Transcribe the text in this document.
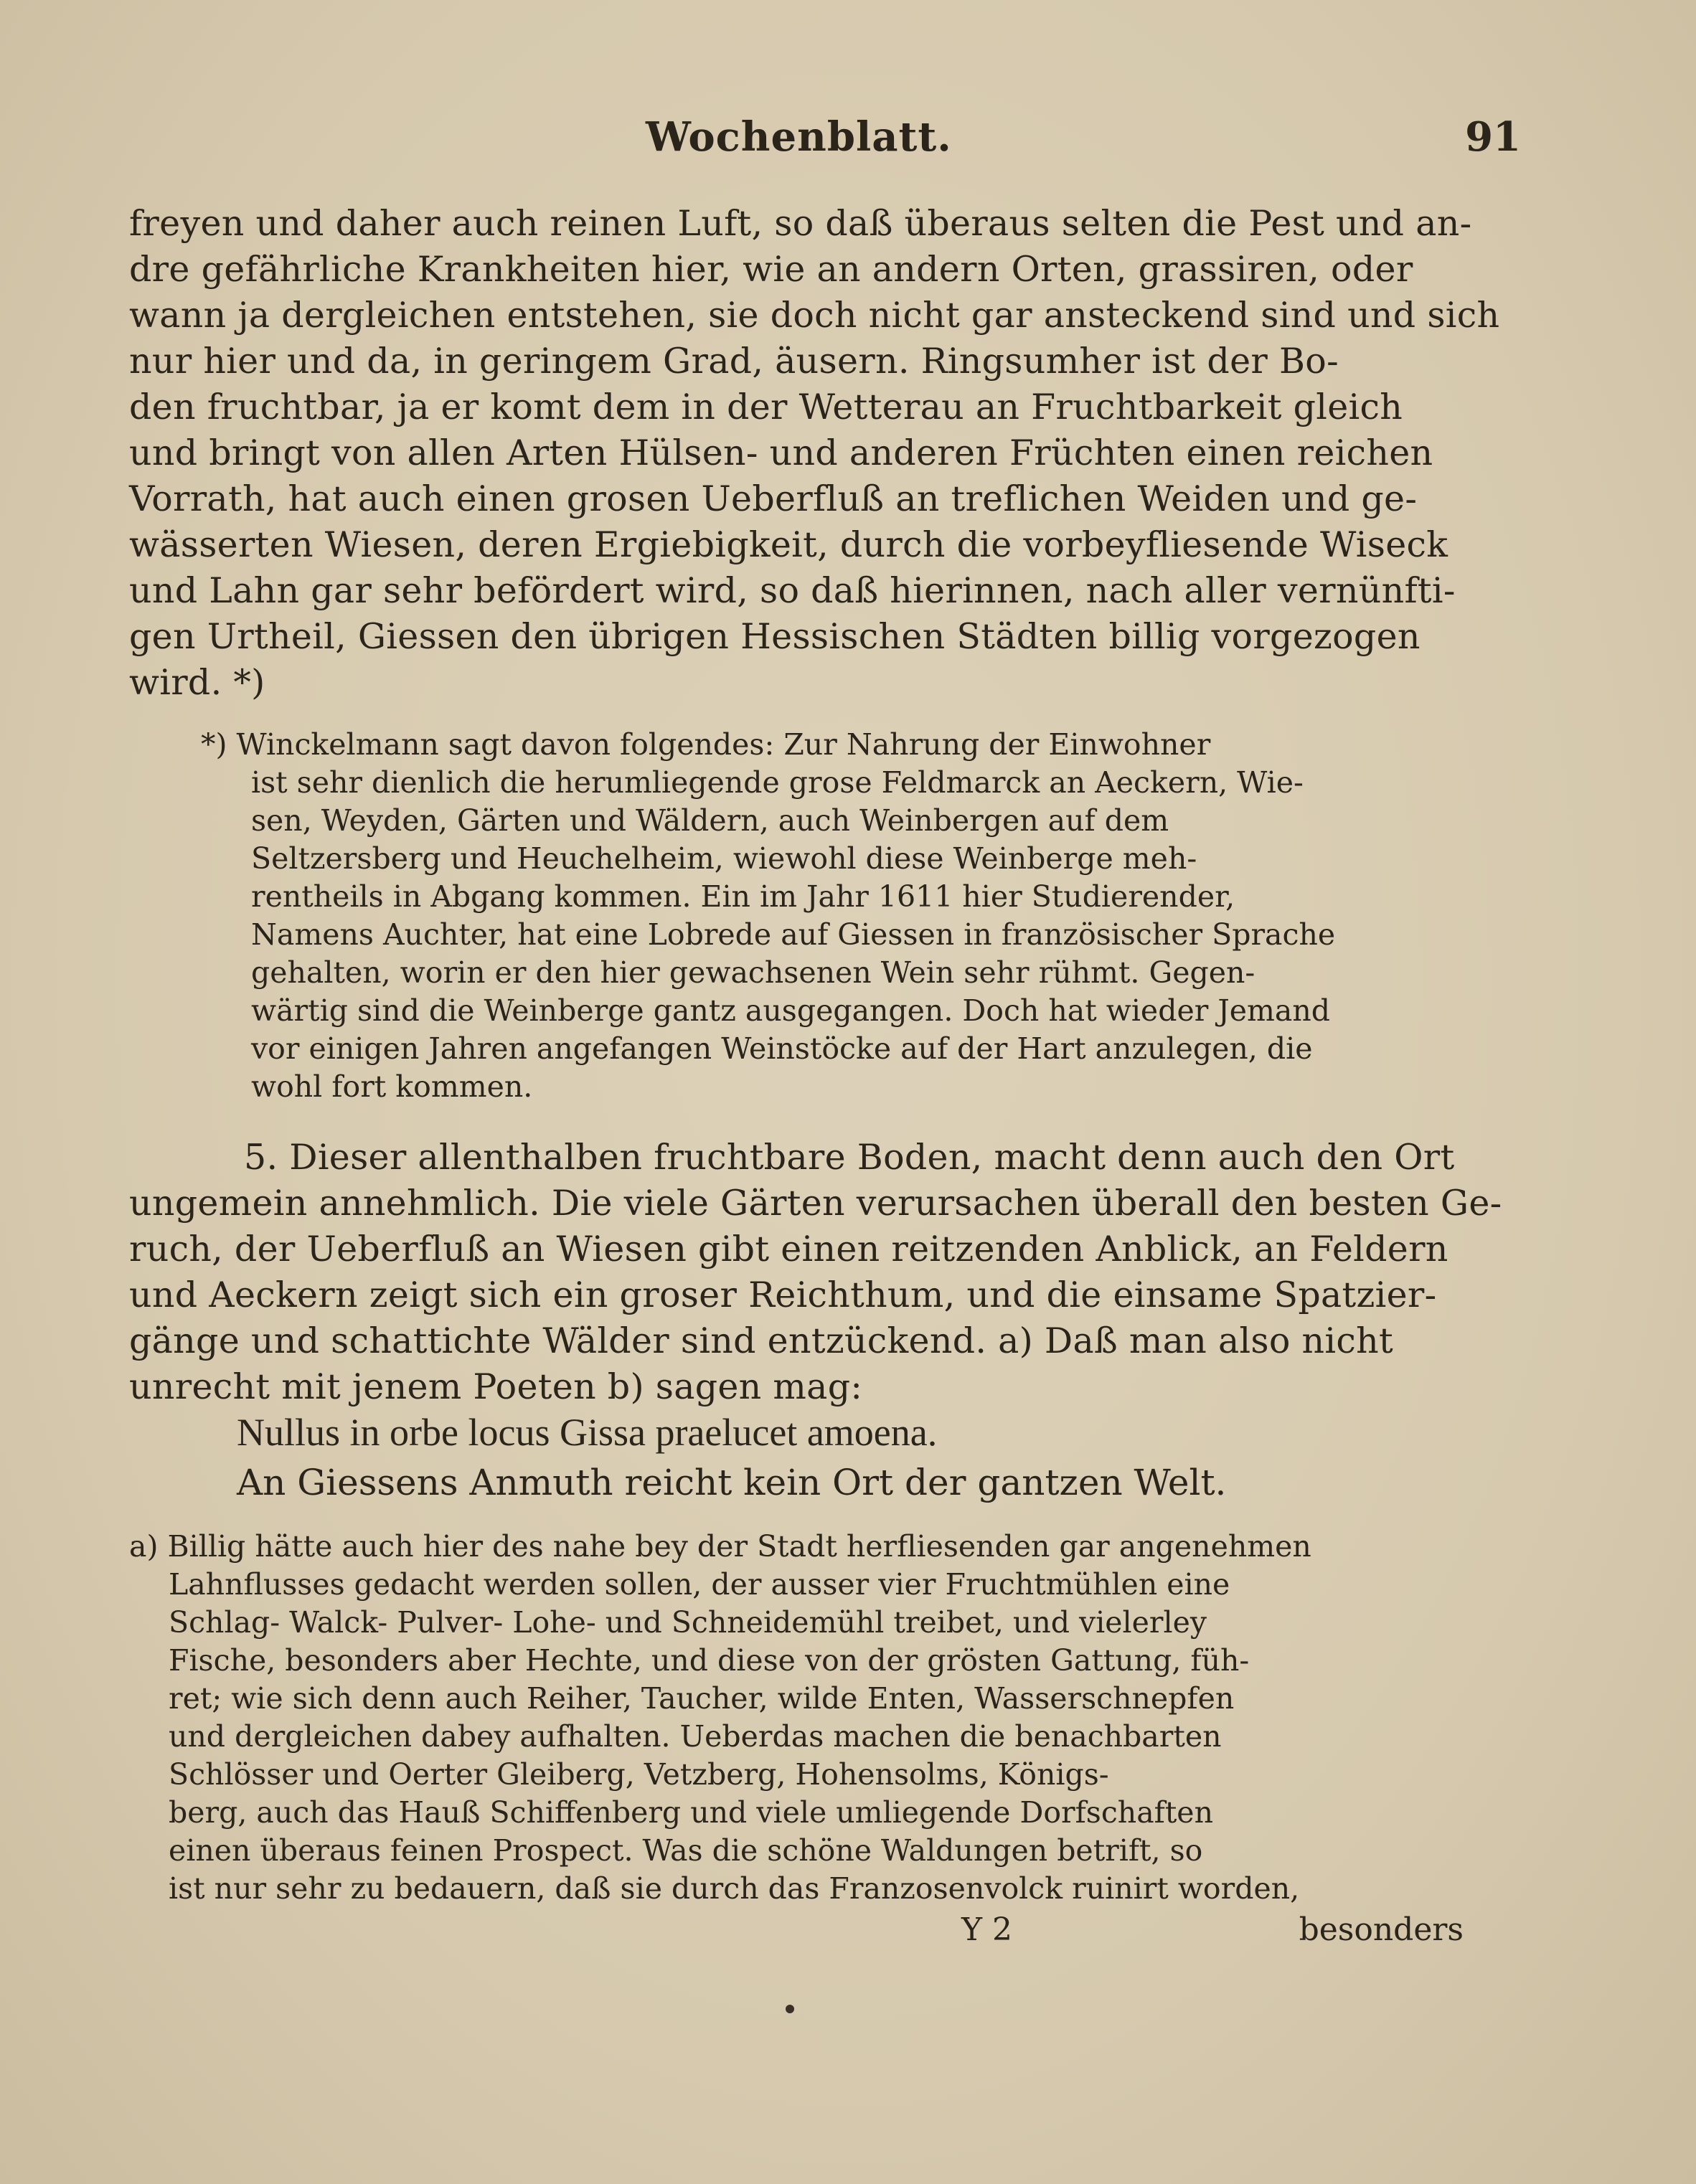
Wochenblatt.	91
freyen und daher auch reinen Luft, so daß überaus selten die Pest und an-
dre gefährliche Krankheiten hier, wie an andern Orten, grassiren, oder
wann ja dergleichen entstehen, sie doch nicht gar ansteckend sind und sich
nur hier und da, in geringem Grad, äusern. Ringsumher ist der Bo-
den fruchtbar, ja er komt dem in der Wetterau an Fruchtbarkeit gleich
und bringt von allen Arten Hülsen- und anderen Früchten einen reichen
Vorrath, hat auch einen grosen Ueberfluß an treflichen Weiden und ge-
wässerten Wiesen, deren Ergiebigkeit, durch die vorbeyfliesende Wiseck
und Lahn gar sehr befördert wird, so daß hierinnen, nach aller vernünfti-
gen Urtheil, Giessen den übrigen Hessischen Städten billig vorgezogen
wird. *)
*) Winckelmann sagt davon folgendes: Zur Nahrung der Einwohner
ist sehr dienlich die herumliegende grose Feldmarck an Aeckern, Wie-
sen, Weyden, Gärten und Wäldern, auch Weinbergen auf dem
Seltzersberg und Heuchelheim, wiewohl diese Weinberge meh-
rentheils in Abgang kommen. Ein im Jahr 1611 hier Studierender,
Namens Auchter, hat eine Lobrede auf Giessen in französischer Sprache
gehalten, worin er den hier gewachsenen Wein sehr rühmt. Gegen-
wärtig sind die Weinberge gantz ausgegangen. Doch hat wieder Jemand
vor einigen Jahren angefangen Weinstöcke auf der Hart anzulegen, die
wohl fort kommen.
5. Dieser allenthalben fruchtbare Boden, macht denn auch den Ort
ungemein annehmlich. Die viele Gärten verursachen überall den besten Ge-
ruch, der Ueberfluß an Wiesen gibt einen reitzenden Anblick, an Feldern
und Aeckern zeigt sich ein groser Reichthum, und die einsame Spatzier-
gänge und schattichte Wälder sind entzückend. a) Daß man also nicht
unrecht mit jenem Poeten b) sagen mag:
Nullus in orbe locus Gissa praelucet amoena.
An Giessens Anmuth reicht kein Ort der gantzen Welt.
a) Billig hätte auch hier des nahe bey der Stadt herfliesenden gar angenehmen
Lahnflusses gedacht werden sollen, der ausser vier Fruchtmühlen eine
Schlag- Walck- Pulver- Lohe- und Schneidemühl treibet, und vielerley
Fische, besonders aber Hechte, und diese von der grösten Gattung, füh-
ret; wie sich denn auch Reiher, Taucher, wilde Enten, Wasserschnepfen
und dergleichen dabey aufhalten. Ueberdas machen die benachbarten
Schlösser und Oerter Gleiberg, Vetzberg, Hohensolms, Königs-
berg, auch das Hauß Schiffenberg und viele umliegende Dorfschaften
einen überaus feinen Prospect. Was die schöne Waldungen betrift, so
ist nur sehr zu bedauern, daß sie durch das Franzosenvolck ruinirt worden,
Y 2	besonders
